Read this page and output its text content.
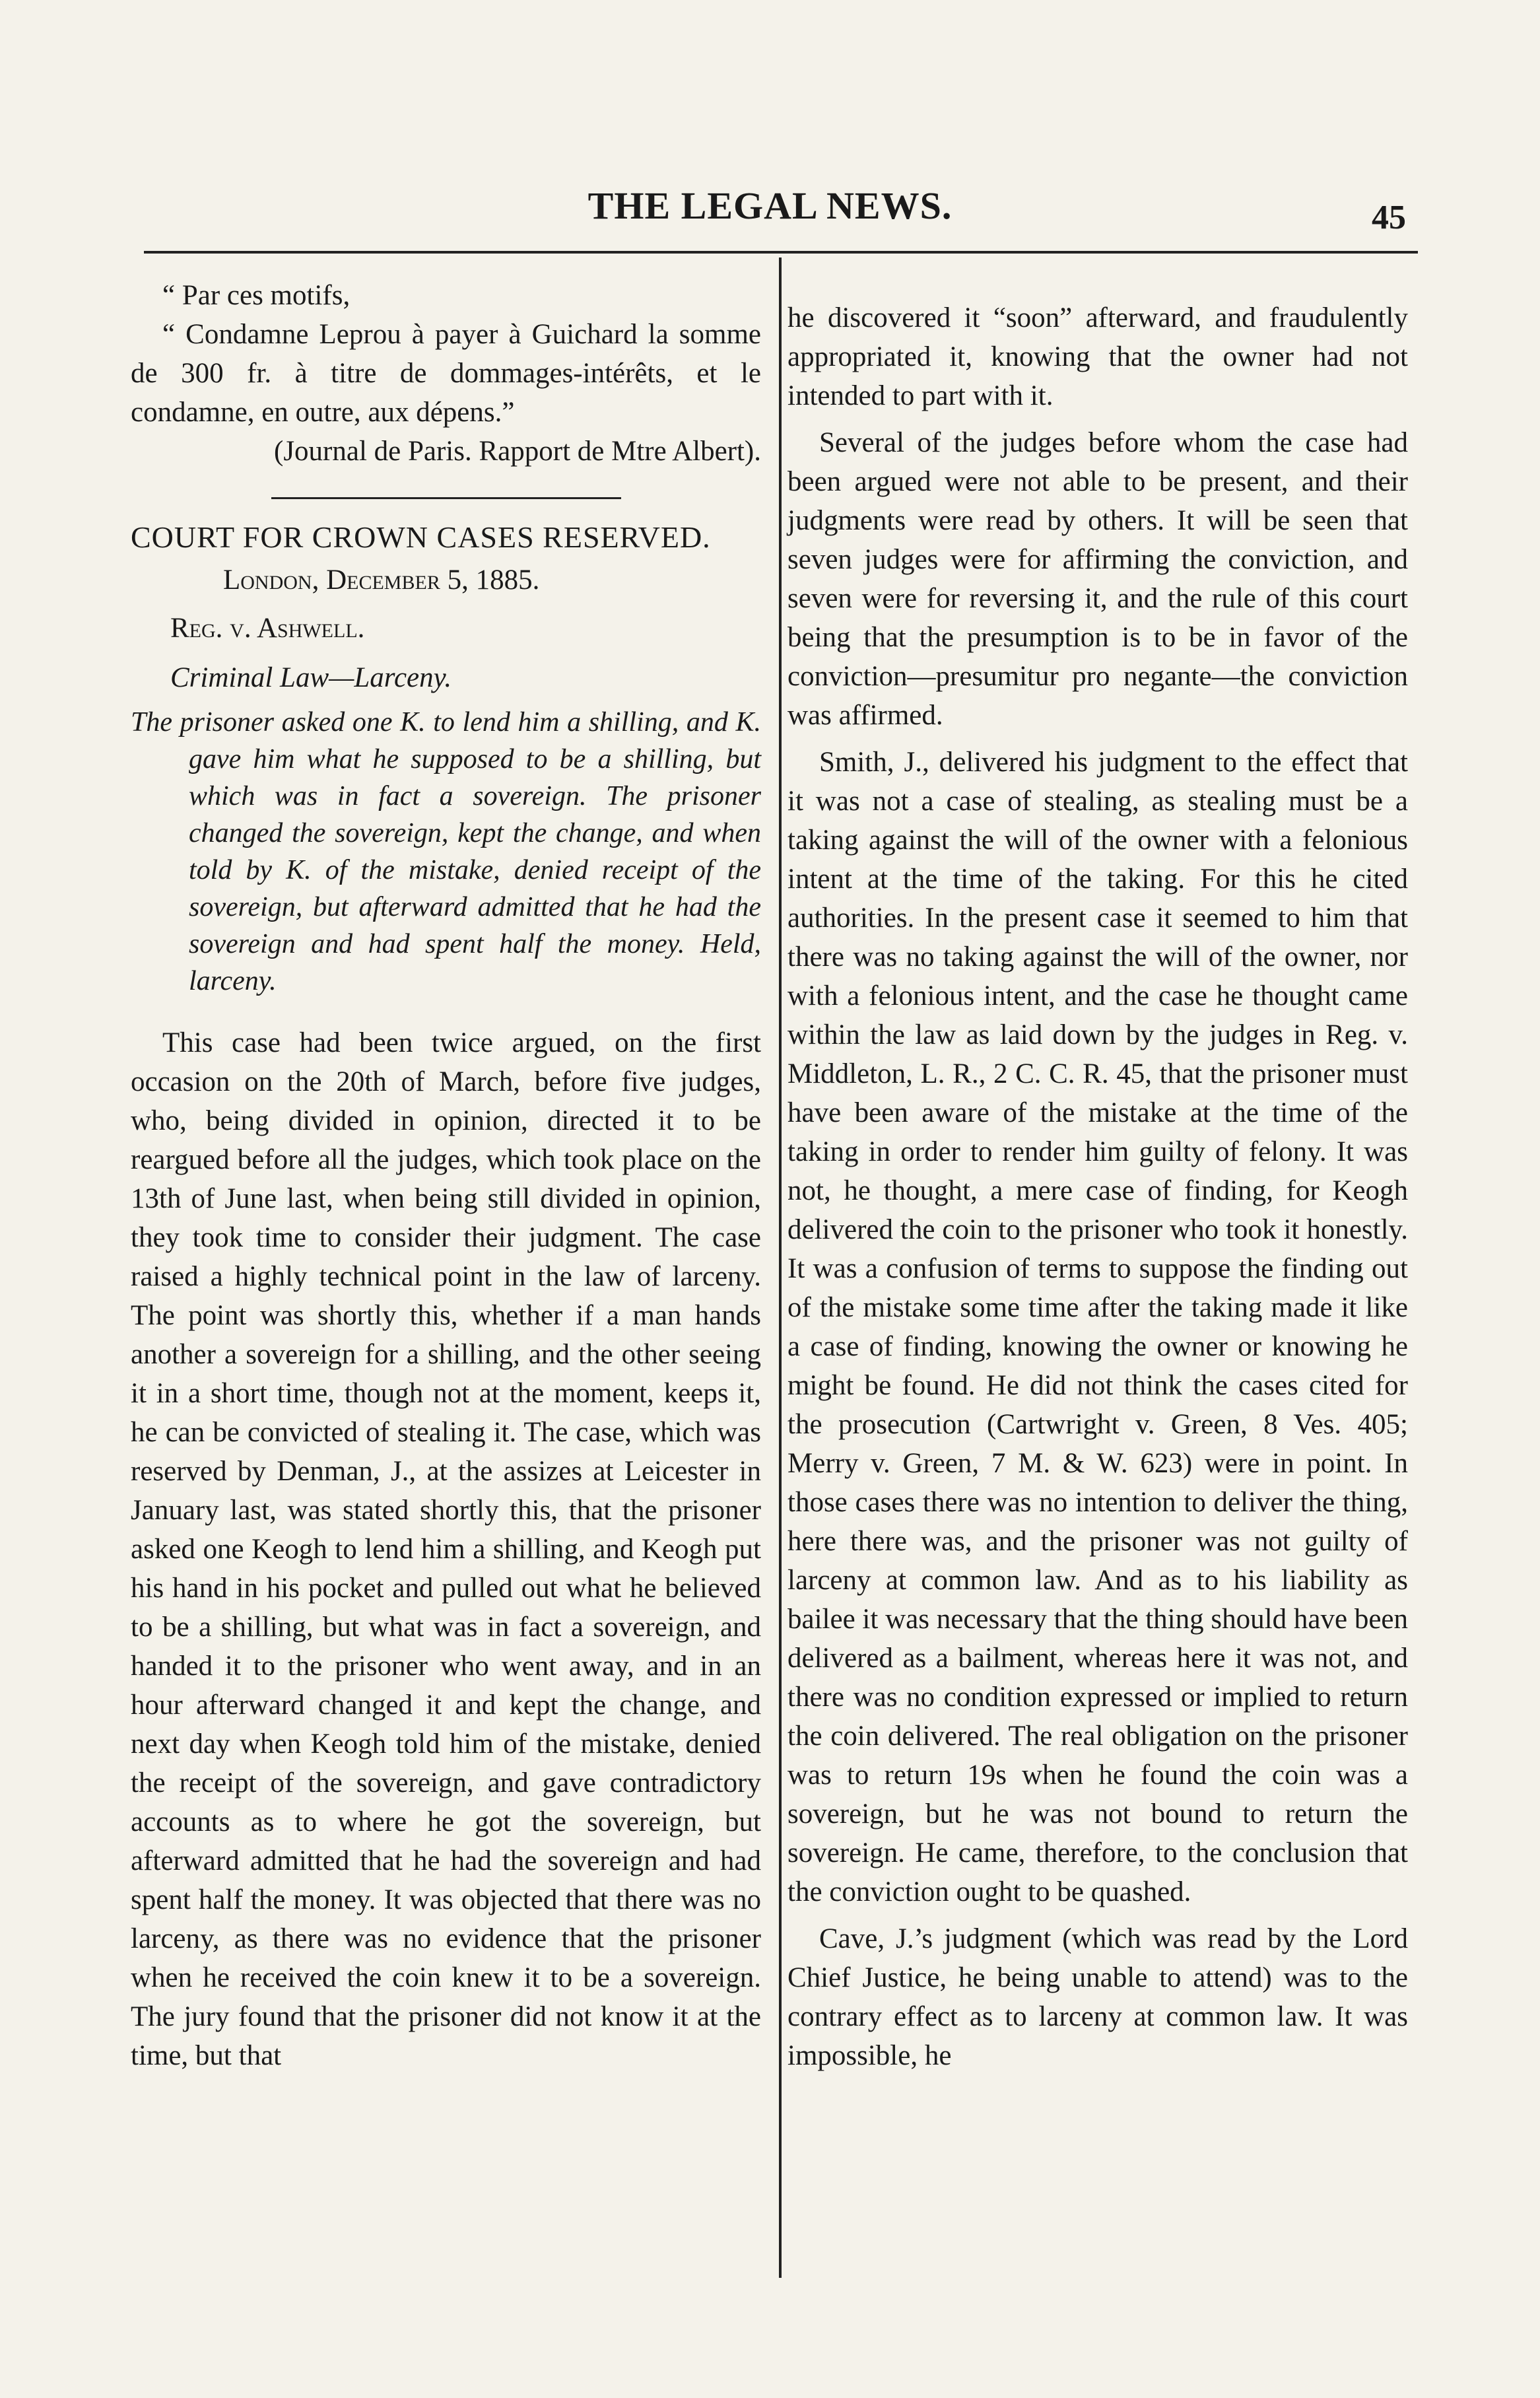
THE LEGAL NEWS.	45

“ Par ces motifs,

“ Condamne Leprou à payer à Guichard la somme de 300 fr. à titre de dommages-intérêts, et le condamne, en outre, aux dépens.”

(Journal de Paris. Rapport de Mtre Albert).

COURT FOR CROWN CASES RESERVED.

London, December 5, 1885.

Reg. v. Ashwell.

Criminal Law—Larceny.

The prisoner asked one K. to lend him a shilling, and K. gave him what he supposed to be a shilling, but which was in fact a sovereign. The prisoner changed the sovereign, kept the change, and when told by K. of the mistake, denied receipt of the sovereign, but afterward admitted that he had the sovereign and had spent half the money. Held, larceny.

This case had been twice argued, on the first occasion on the 20th of March, before five judges, who, being divided in opinion, directed it to be reargued before all the judges, which took place on the 13th of June last, when being still divided in opinion, they took time to consider their judgment. The case raised a highly technical point in the law of larceny. The point was shortly this, whether if a man hands another a sovereign for a shilling, and the other seeing it in a short time, though not at the moment, keeps it, he can be convicted of stealing it. The case, which was reserved by Denman, J., at the assizes at Leicester in January last, was stated shortly this, that the prisoner asked one Keogh to lend him a shilling, and Keogh put his hand in his pocket and pulled out what he believed to be a shilling, but what was in fact a sovereign, and handed it to the prisoner who went away, and in an hour afterward changed it and kept the change, and next day when Keogh told him of the mistake, denied the receipt of the sovereign, and gave contradictory accounts as to where he got the sovereign, but afterward admitted that he had the sovereign and had spent half the money. It was objected that there was no larceny, as there was no evidence that the prisoner when he received the coin knew it to be a sovereign. The jury found that the prisoner did not know it at the time, but that

he discovered it “soon” afterward, and fraudulently appropriated it, knowing that the owner had not intended to part with it.

Several of the judges before whom the case had been argued were not able to be present, and their judgments were read by others. It will be seen that seven judges were for affirming the conviction, and seven were for reversing it, and the rule of this court being that the presumption is to be in favor of the conviction—presumitur pro negante—the conviction was affirmed.

Smith, J., delivered his judgment to the effect that it was not a case of stealing, as stealing must be a taking against the will of the owner with a felonious intent at the time of the taking. For this he cited authorities. In the present case it seemed to him that there was no taking against the will of the owner, nor with a felonious intent, and the case he thought came within the law as laid down by the judges in Reg. v. Middleton, L. R., 2 C. C. R. 45, that the prisoner must have been aware of the mistake at the time of the taking in order to render him guilty of felony. It was not, he thought, a mere case of finding, for Keogh delivered the coin to the prisoner who took it honestly. It was a confusion of terms to suppose the finding out of the mistake some time after the taking made it like a case of finding, knowing the owner or knowing he might be found. He did not think the cases cited for the prosecution (Cartwright v. Green, 8 Ves. 405; Merry v. Green, 7 M. & W. 623) were in point. In those cases there was no intention to deliver the thing, here there was, and the prisoner was not guilty of larceny at common law. And as to his liability as bailee it was necessary that the thing should have been delivered as a bailment, whereas here it was not, and there was no condition expressed or implied to return the coin delivered. The real obligation on the prisoner was to return 19s when he found the coin was a sovereign, but he was not bound to return the sovereign. He came, therefore, to the conclusion that the conviction ought to be quashed.

Cave, J.’s judgment (which was read by the Lord Chief Justice, he being unable to attend) was to the contrary effect as to larceny at common law. It was impossible, he
